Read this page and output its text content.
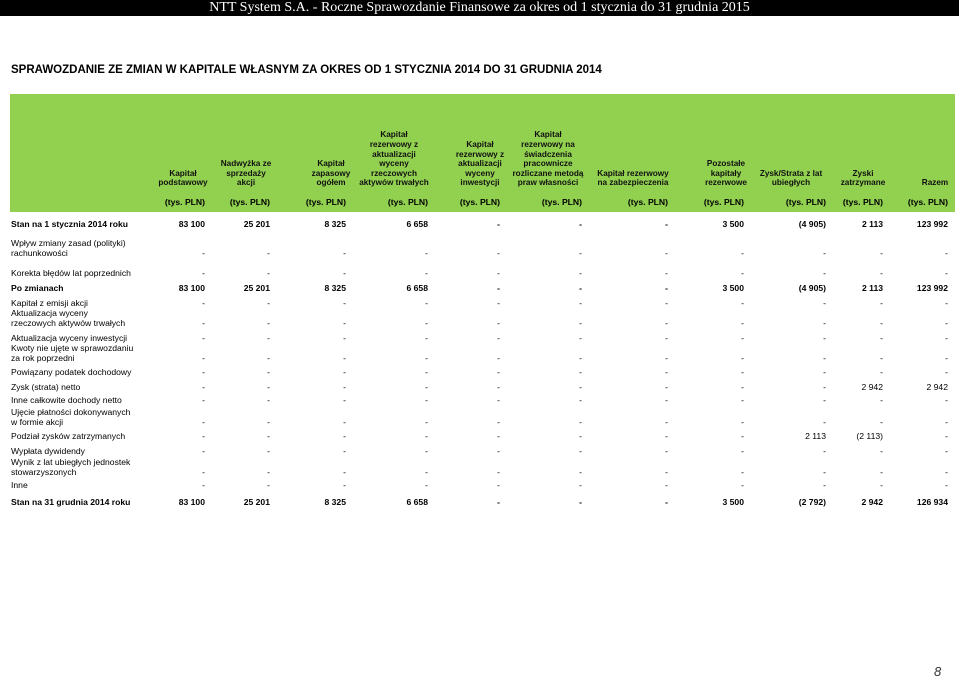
NTT System S.A. - Roczne Sprawozdanie Finansowe za okres od 1 stycznia do 31 grudnia 2015
SPRAWOZDANIE ZE ZMIAN W KAPITALE WŁASNYM ZA OKRES OD 1 STYCZNIA 2014 DO 31 GRUDNIA 2014
Kapitał
podstawowy
(tys. PLN)
Nadwyżka ze
sprzedaży
akcji
(tys. PLN)
Kapitał
zapasowy
ogółem
(tys. PLN)
Kapitał
rezerwowy z
aktualizacji
wyceny
rzeczowych
aktywów trwałych
(tys. PLN)
Kapitał
rezerwowy z
aktualizacji
wyceny
inwestycji
(tys. PLN)
Kapitał
rezerwowy na
świadczenia
pracownicze
rozliczane metodą
praw własności
(tys. PLN)
Kapitał rezerwowy
na zabezpieczenia
(tys. PLN)
Pozostałe
kapitały
rezerwowe
(tys. PLN)
Zysk/Strata z lat
ubiegłych
(tys. PLN)
Zyski
zatrzymane
(tys. PLN)
Razem
(tys. PLN)
Stan na 1 stycznia 2014 roku	83 100	25 201	8 325	6 658	-	-	-	3 500	(4 905)	2 113	123 992
Wpływ zmiany zasad (polityki)
rachunkowości	-	-	-	-	-	-	-	-	-	-	-
Korekta błędów lat poprzednich	-	-	-	-	-	-	-	-	-	-	-
Po zmianach	83 100	25 201	8 325	6 658	-	-	-	3 500	(4 905)	2 113	123 992
Kapitał z emisji akcji	-	-	-	-	-	-	-	-	-	-	-
Aktualizacja wyceny
rzeczowych aktywów trwałych	-	-	-	-	-	-	-	-	-	-	-
Aktualizacja wyceny inwestycji	-	-	-	-	-	-	-	-	-	-	-
Kwoty nie ujęte w sprawozdaniu
za rok poprzedni	-	-	-	-	-	-	-	-	-	-	-
Powiązany podatek dochodowy	-	-	-	-	-	-	-	-	-	-	-
Zysk (strata) netto	-	-	-	-	-	-	-	-	-	2 942	2 942
Inne całkowite dochody netto	-	-	-	-	-	-	-	-	-	-	-
Ujęcie płatności dokonywanych
w formie akcji	-	-	-	-	-	-	-	-	-	-	-
Podział zysków zatrzymanych	-	-	-	-	-	-	-	-	2 113	(2 113)	-
Wypłata dywidendy	-	-	-	-	-	-	-	-	-	-	-
Wynik z lat ubiegłych jednostek
stowarzyszonych	-	-	-	-	-	-	-	-	-	-	-
Inne	-	-	-	-	-	-	-	-	-	-	-
Stan na 31 grudnia 2014 roku	83 100	25 201	8 325	6 658	-	-	-	3 500	(2 792)	2 942	126 934
8
